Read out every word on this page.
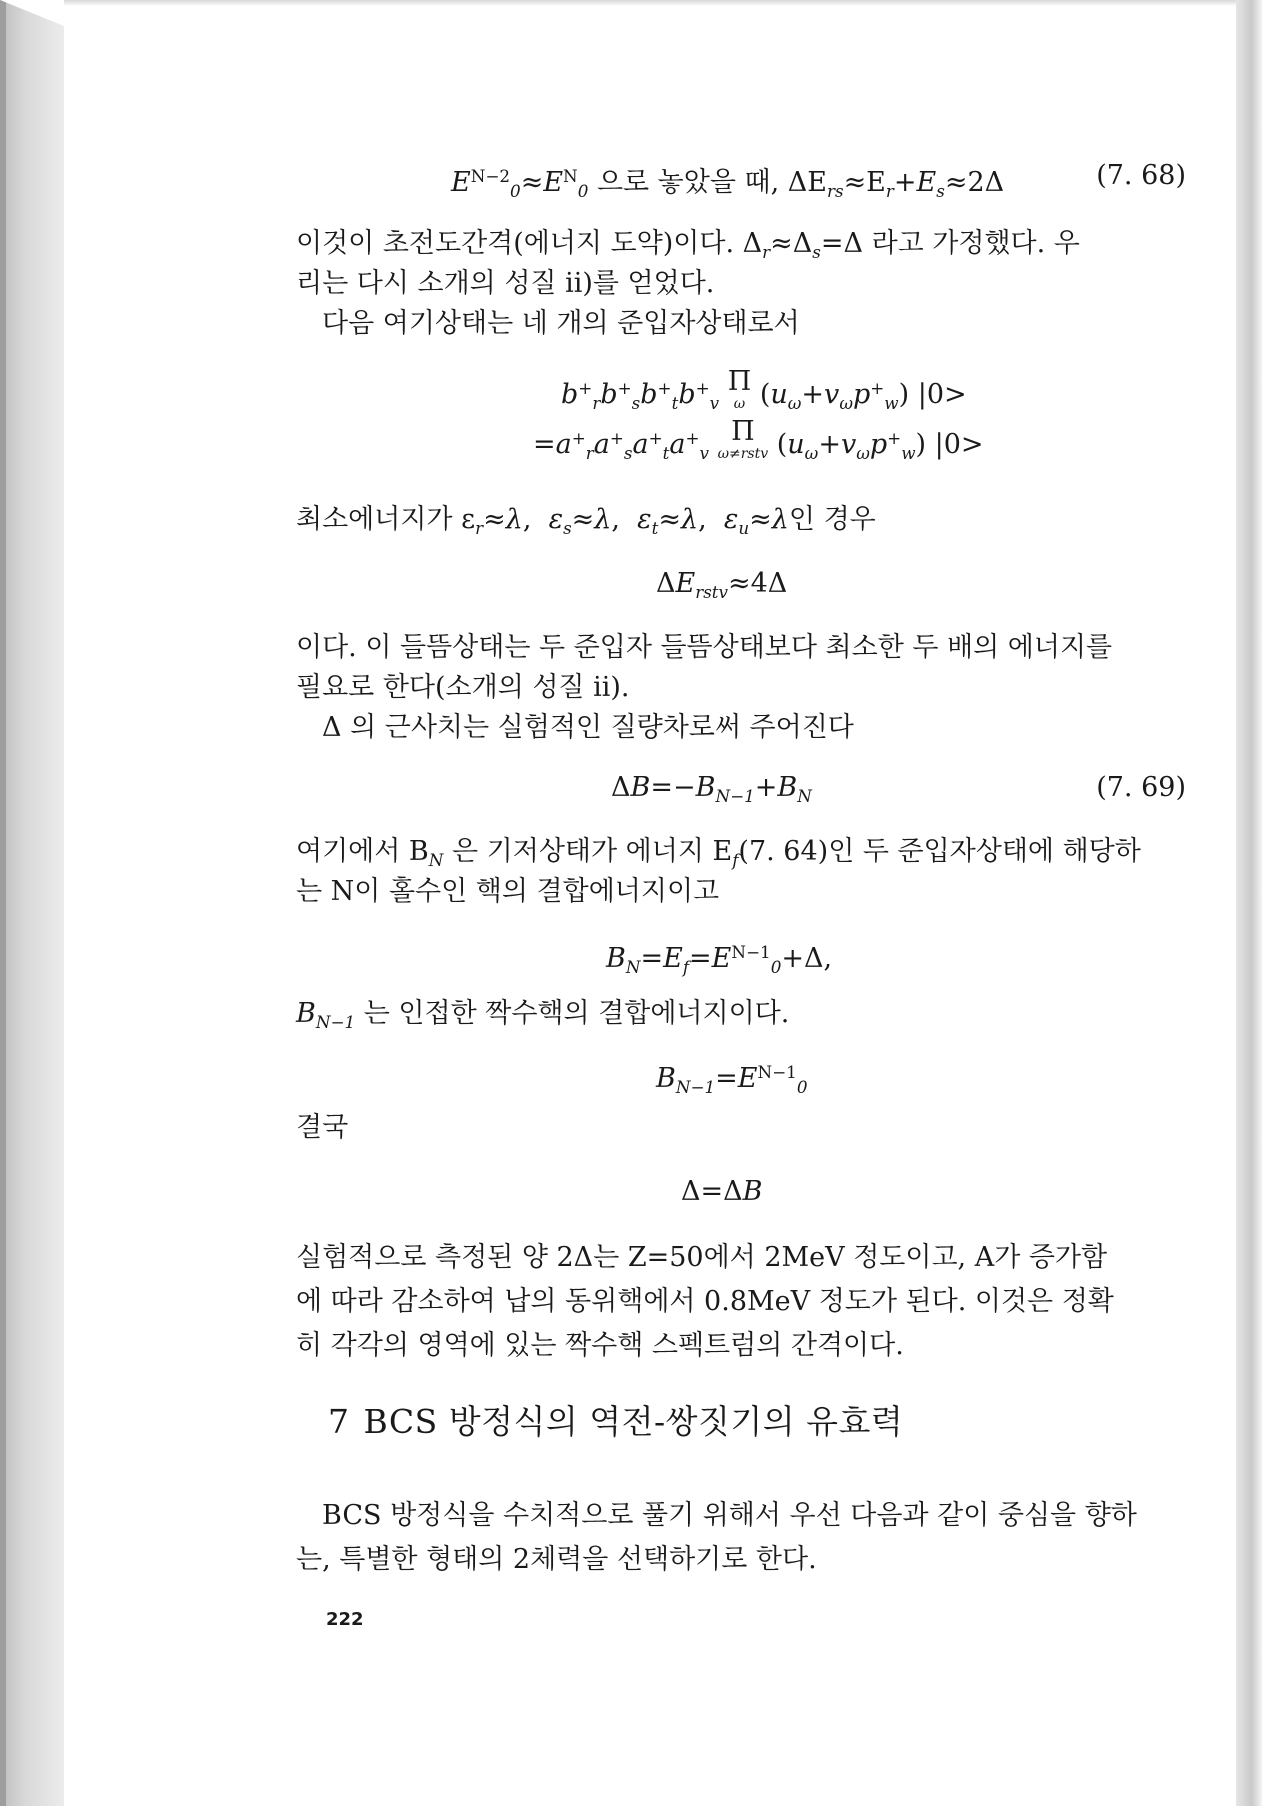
$E^{N-2}_0\approx E^N_0$ 으로 놓았을 때, $\Delta E_{rs}\approx E_r+E_s\approx 2\Delta$	(7. 68)
이것이 초전도간격(에너지 도약)이다. $\Delta_r\approx\Delta_s=\Delta$ 라고 가정했다. 우
리는 다시 소개의 성질 ii)를 얻었다.
다음 여기상태는 네 개의 준입자상태로서
$b^+_rb^+_sb^+_tb^+_v$ Π
ω $(u_\omega+v_\omega p^+_w)$ |0>
$=a^+_ra^+_sa^+_ta^+_v$ Π
ω≠rstv $(u_\omega+v_\omega p^+_w)$ |0>
최소에너지가 $\varepsilon_r\approx\lambda$,  $\varepsilon_s\approx\lambda$,  $\varepsilon_t\approx\lambda$,  $\varepsilon_u\approx\lambda$인 경우
$\Delta E_{rstv}\approx 4\Delta$
이다. 이 들뜸상태는 두 준입자 들뜸상태보다 최소한 두 배의 에너지를
필요로 한다(소개의 성질 ii).
Δ 의 근사치는 실험적인 질량차로써 주어진다
$\Delta B=-B_{N-1}+B_N$	(7. 69)
여기에서 $B_N$ 은 기저상태가 에너지 $E_f(7$. 64)인 두 준입자상태에 해당하
는 N이 홀수인 핵의 결합에너지이고
$B_N=E_f=E^{N-1}_0+\Delta$,
$B_{N-1}$ 는 인접한 짝수핵의 결합에너지이다.
$B_{N-1}=E^{N-1}_0$
결국
Δ=ΔB
실험적으로 측정된 양 2Δ는 Z=50에서 2MeV 정도이고, A가 증가함
에 따라 감소하여 납의 동위핵에서 0.8MeV 정도가 된다. 이것은 정확
히 각각의 영역에 있는 짝수핵 스펙트럼의 간격이다.
7 BCS 방정식의 역전-쌍짓기의 유효력
BCS 방정식을 수치적으로 풀기 위해서 우선 다음과 같이 중심을 향하
는, 특별한 형태의 2체력을 선택하기로 한다.
222
